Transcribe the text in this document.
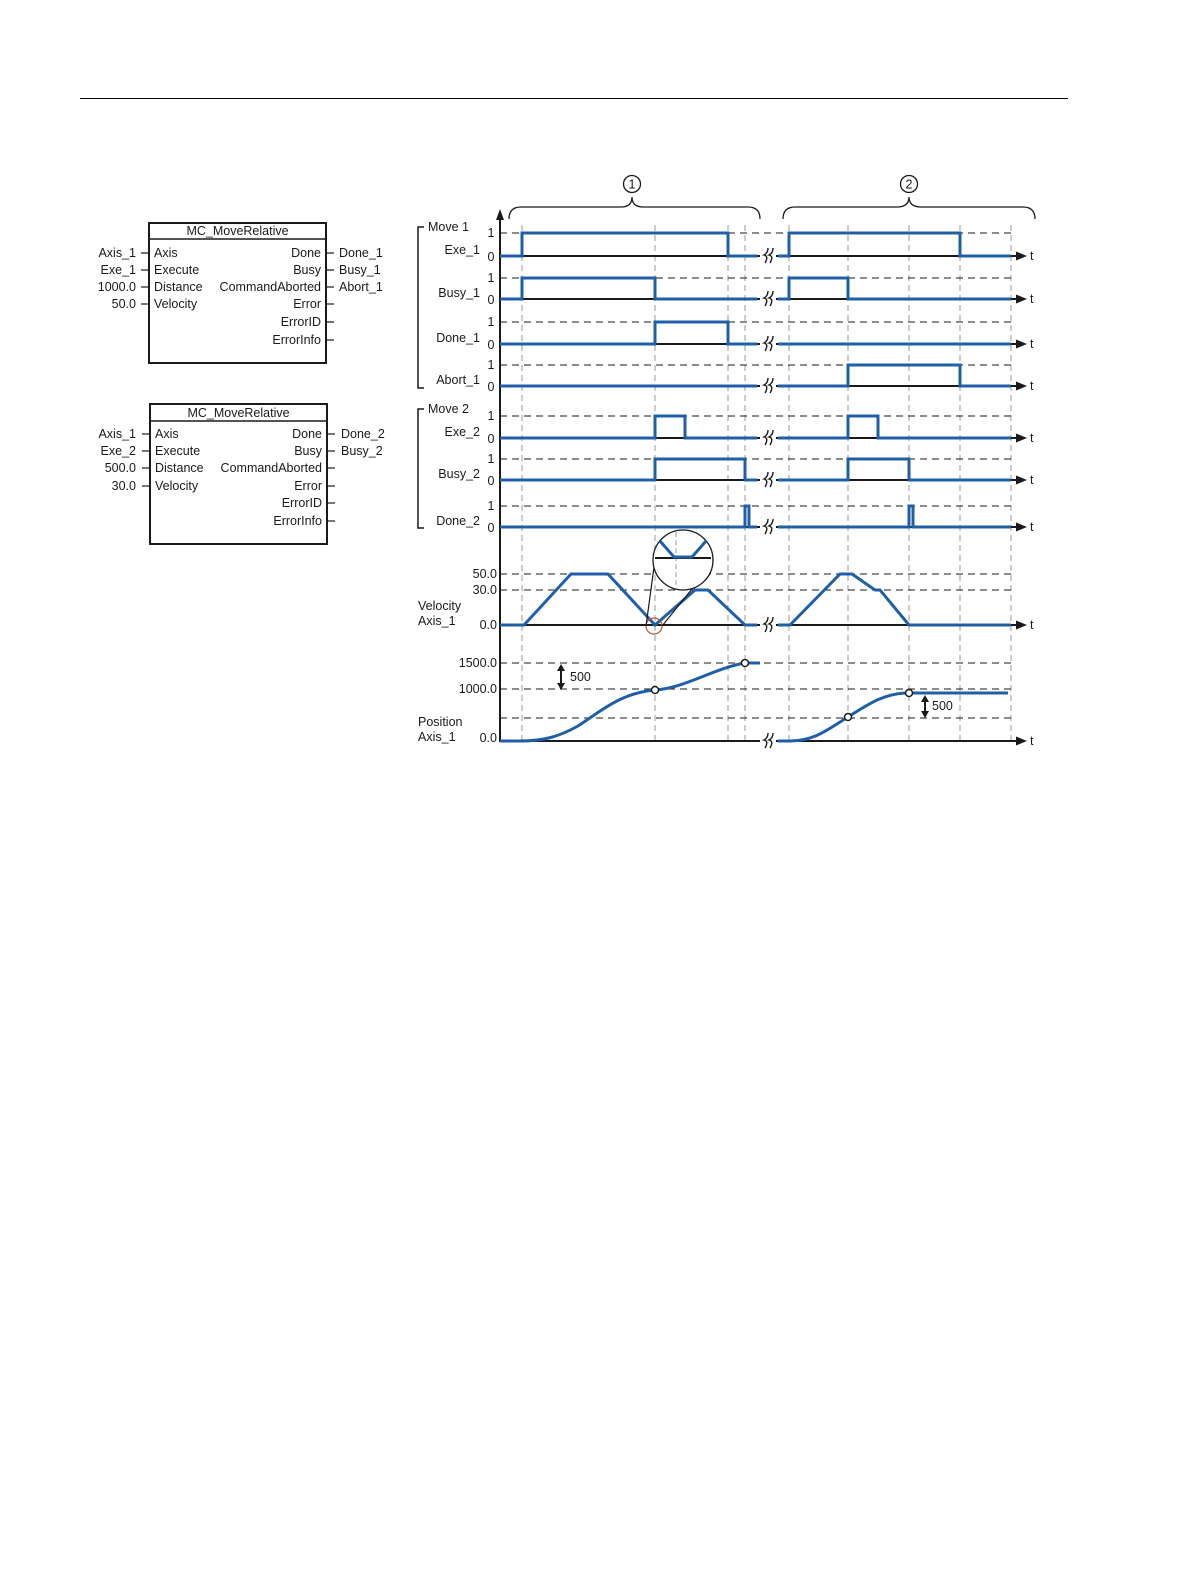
MC_MoveRelative
Axis
Execute
Distance
Velocity
Axis_1
Exe_1
1000.0
50.0
Done
Busy
CommandAborted
Error
ErrorID
ErrorInfo
Done_1
Busy_1
Abort_1
MC_MoveRelative
Axis
Execute
Distance
Velocity
Axis_1
Exe_2
500.0
30.0
Done
Busy
CommandAborted
Error
ErrorID
ErrorInfo
Done_2
Busy_2
1	2
Move 1
Move 2
1
0
Exe_1	t
1
0
Busy_1	t
1
0
Done_1	t
1
0
Abort_1	t
1
0
Exe_2	t
1
0
Busy_2	t
1
0
Done_2	t
t
50.0
30.0
0.0
Velocity
Axis_1
t
1500.0
1000.0
0.0
Position
Axis_1
500
500
